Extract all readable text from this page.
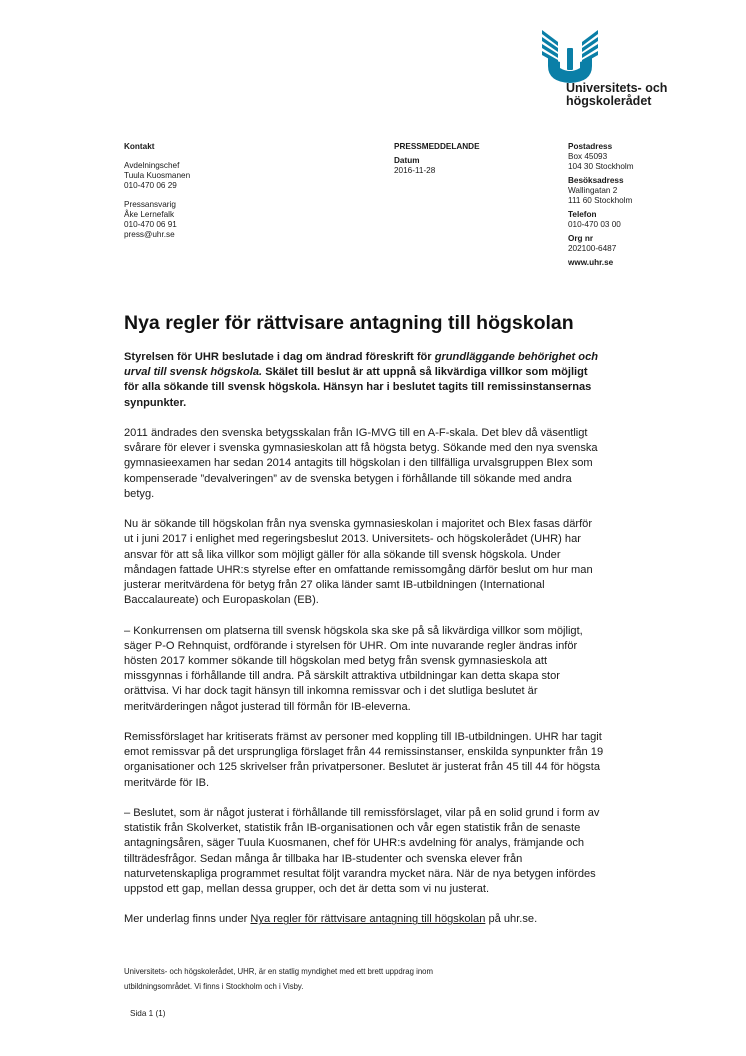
Universitets- och
högskolerådet
Kontakt
Avdelningschef
Tuula Kuosmanen
010-470 06 29
Pressansvarig
Åke Lernefalk
010-470 06 91
press@uhr.se
PRESSMEDDELANDE
Datum
2016-11-28
Postadress
Box 45093
104 30 Stockholm
Besöksadress
Wallingatan 2
111 60 Stockholm
Telefon
010-470 03 00
Org nr
202100-6487
www.uhr.se
Nya regler för rättvisare antagning till högskolan

Styrelsen för UHR beslutade i dag om ändrad föreskrift för grundläggande behörighet och urval till svensk högskola. Skälet till beslut är att uppnå så likvärdiga villkor som möjligt för alla sökande till svensk högskola. Hänsyn har i beslutet tagits till remissinstansernas synpunkter.

2011 ändrades den svenska betygsskalan från IG-MVG till en A-F-skala. Det blev då väsentligt svårare för elever i svenska gymnasieskolan att få högsta betyg. Sökande med den nya svenska gymnasieexamen har sedan 2014 antagits till högskolan i den tillfälliga urvalsgruppen BIex som kompenserade ”devalveringen” av de svenska betygen i förhållande till sökande med andra betyg.

Nu är sökande till högskolan från nya svenska gymnasieskolan i majoritet och BIex fasas därför ut i juni 2017 i enlighet med regeringsbeslut 2013. Universitets- och högskolerådet (UHR) har ansvar för att så lika villkor som möjligt gäller för alla sökande till svensk högskola. Under måndagen fattade UHR:s styrelse efter en omfattande remissomgång därför beslut om hur man justerar meritvärdena för betyg från 27 olika länder samt IB-utbildningen (International Baccalaureate) och Europaskolan (EB).

– Konkurrensen om platserna till svensk högskola ska ske på så likvärdiga villkor som möjligt, säger P-O Rehnquist, ordförande i styrelsen för UHR. Om inte nuvarande regler ändras inför hösten 2017 kommer sökande till högskolan med betyg från svensk gymnasieskola att missgynnas i förhållande till andra. På särskilt attraktiva utbildningar kan detta skapa stor orättvisa. Vi har dock tagit hänsyn till inkomna remissvar och i det slutliga beslutet är meritvärderingen något justerad till förmån för IB-eleverna.

Remissförslaget har kritiserats främst av personer med koppling till IB-utbildningen. UHR har tagit emot remissvar på det ursprungliga förslaget från 44 remissinstanser, enskilda synpunkter från 19 organisationer och 125 skrivelser från privatpersoner. Beslutet är justerat från 45 till 44 för högsta meritvärde för IB.

– Beslutet, som är något justerat i förhållande till remissförslaget, vilar på en solid grund i form av statistik från Skolverket, statistik från IB-organisationen och vår egen statistik från de senaste antagningsåren, säger Tuula Kuosmanen, chef för UHR:s avdelning för analys, främjande och tillträdesfrågor. Sedan många år tillbaka har IB-studenter och svenska elever från naturvetenskapliga programmet resultat följt varandra mycket nära. När de nya betygen infördes uppstod ett gap, mellan dessa grupper, och det är detta som vi nu justerat.

Mer underlag finns under Nya regler för rättvisare antagning till högskolan på uhr.se.

Universitets- och högskolerådet, UHR, är en statlig myndighet med ett brett uppdrag inom
utbildningsområdet. Vi finns i Stockholm och i Visby.
Sida 1 (1)
